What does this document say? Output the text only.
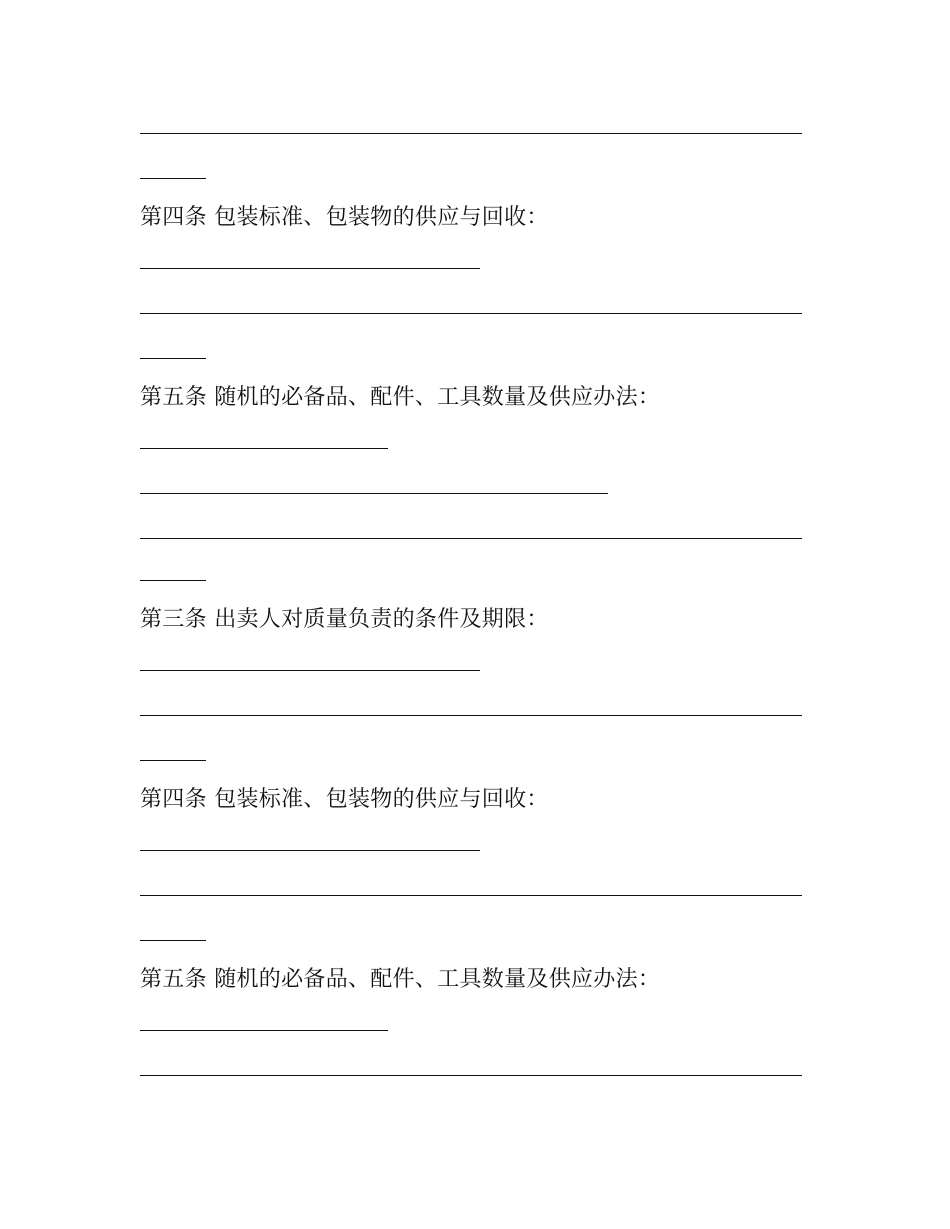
第四条 包装标准、包装物的供应与回收：
第五条 随机的必备品、配件、工具数量及供应办法：
第三条 出卖人对质量负责的条件及期限：
第四条 包装标准、包装物的供应与回收：
第五条 随机的必备品、配件、工具数量及供应办法：
